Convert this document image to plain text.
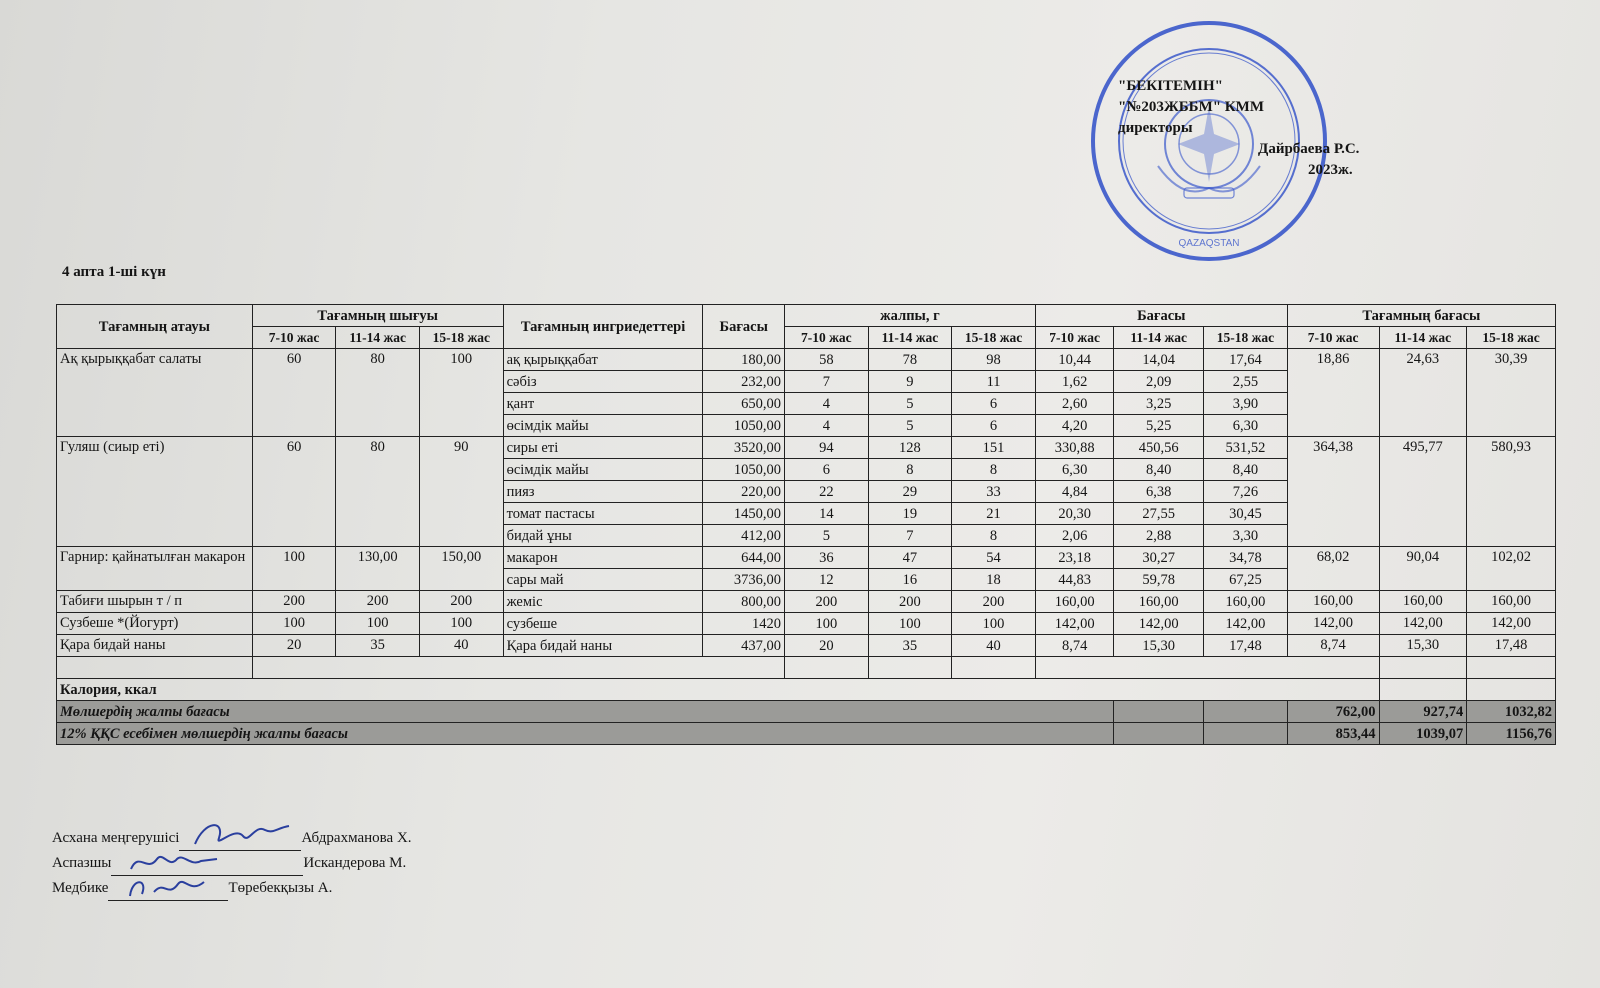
QAZAQSTAN
"БЕКІТЕМІН"
"№203ЖББМ" КММ
директоры
Дайрбаева Р.С.
2023ж.
4 апта 1-ші күн
Тағамның атауы	Тағамның шығуы			Тағамның ингриедеттері	Бағасы	жалпы, г			Бағасы			Тағамның бағасы		
	7-10 жас	11-14 жас	15-18 жас			7-10 жас	11-14 жас	15-18 жас	7-10 жас	11-14 жас	15-18 жас	7-10 жас	11-14 жас	15-18 жас
Ақ қырыққабат салаты	60	80	100	ақ қырыққабат	180,00	58	78	98	10,44	14,04	17,64	18,86	24,63	30,39
				сәбіз	232,00	7	9	11	1,62	2,09	2,55			
				қант	650,00	4	5	6	2,60	3,25	3,90			
				өсімдік майы	1050,00	4	5	6	4,20	5,25	6,30			
Гуляш (сиыр еті)	60	80	90	сиры еті	3520,00	94	128	151	330,88	450,56	531,52	364,38	495,77	580,93
				өсімдік майы	1050,00	6	8	8	6,30	8,40	8,40			
				пияз	220,00	22	29	33	4,84	6,38	7,26			
				томат пастасы	1450,00	14	19	21	20,30	27,55	30,45			
				бидай ұны	412,00	5	7	8	2,06	2,88	3,30			
Гарнир: қайнатылған макарон	100	130,00	150,00	макарон	644,00	36	47	54	23,18	30,27	34,78	68,02	90,04	102,02
				сары май	3736,00	12	16	18	44,83	59,78	67,25			
Табиғи шырын т / п	200	200	200	жеміс	800,00	200	200	200	160,00	160,00	160,00	160,00	160,00	160,00
Сузбеше *(Йогурт)	100	100	100	сузбеше	1420	100	100	100	142,00	142,00	142,00	142,00	142,00	142,00
Қара бидай наны	20	35	40	Қара бидай наны	437,00	20	35	40	8,74	15,30	17,48	8,74	15,30	17,48

Калория, ккал														
Мөлшердің жалпы бағасы												762,00	927,74	1032,82
12% ҚҚС есебімен мөлшердің жалпы бағасы												853,44	1039,07	1156,76
Асхана меңгерушісі	Абдрахманова Х.
Аспазшы	Искандерова М.
Медбике	Төребекқызы А.
